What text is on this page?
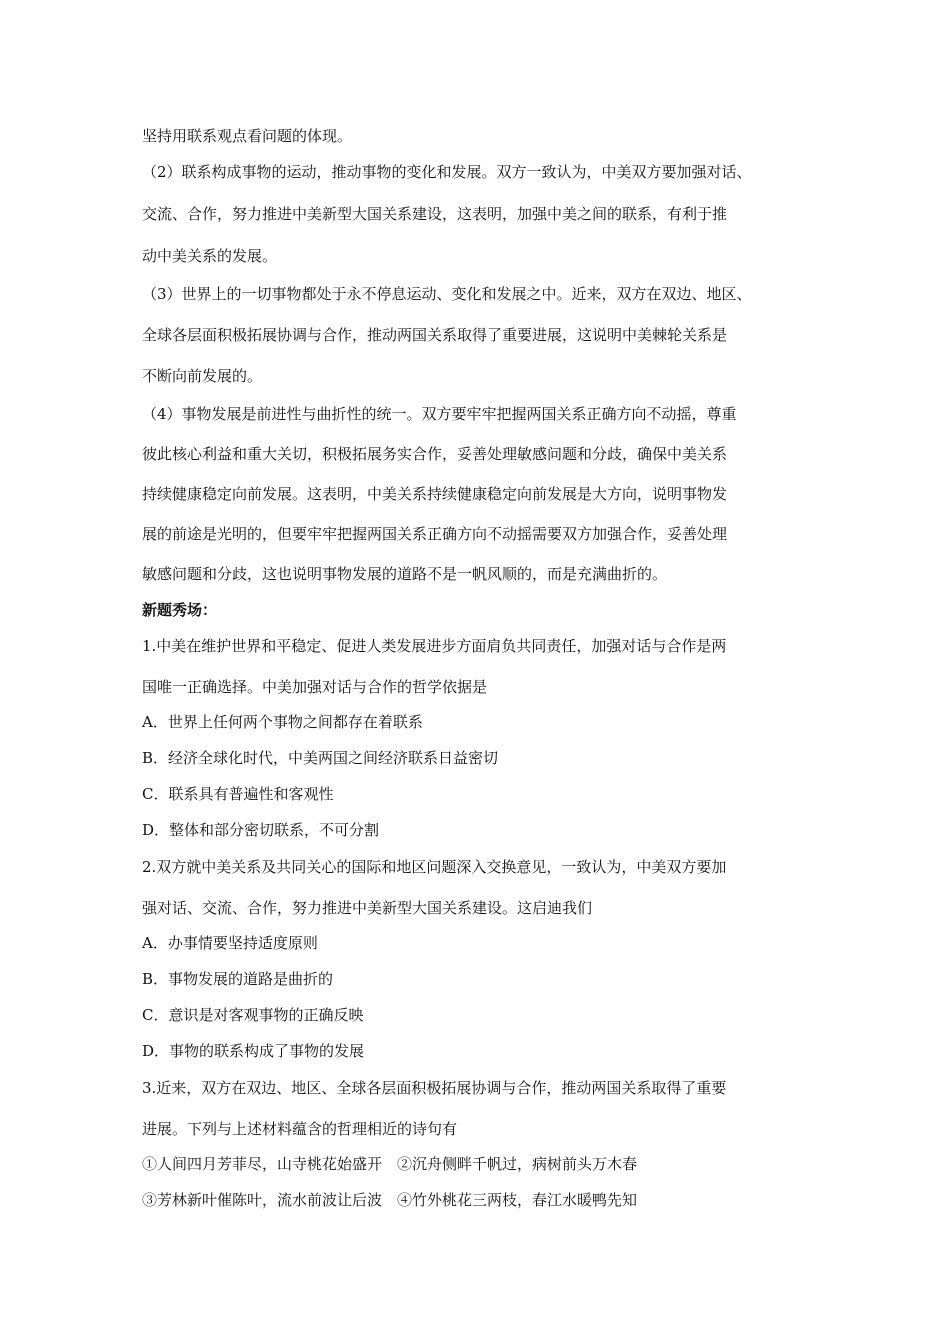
坚持用联系观点看问题的体现。
（2）联系构成事物的运动，推动事物的变化和发展。双方一致认为，中美双方要加强对话、
交流、合作，努力推进中美新型大国关系建设，这表明，加强中美之间的联系，有利于推
动中美关系的发展。
（3）世界上的一切事物都处于永不停息运动、变化和发展之中。近来，双方在双边、地区、
全球各层面积极拓展协调与合作，推动两国关系取得了重要进展，这说明中美棘轮关系是
不断向前发展的。
（4）事物发展是前进性与曲折性的统一。双方要牢牢把握两国关系正确方向不动摇，尊重
彼此核心利益和重大关切，积极拓展务实合作，妥善处理敏感问题和分歧，确保中美关系
持续健康稳定向前发展。这表明，中美关系持续健康稳定向前发展是大方向，说明事物发
展的前途是光明的，但要牢牢把握两国关系正确方向不动摇需要双方加强合作，妥善处理
敏感问题和分歧，这也说明事物发展的道路不是一帆风顺的，而是充满曲折的。
新题秀场：
1.中美在维护世界和平稳定、促进人类发展进步方面肩负共同责任，加强对话与合作是两
国唯一正确选择。中美加强对话与合作的哲学依据是
A．世界上任何两个事物之间都存在着联系
B．经济全球化时代，中美两国之间经济联系日益密切
C．联系具有普遍性和客观性
D．整体和部分密切联系，不可分割
2.双方就中美关系及共同关心的国际和地区问题深入交换意见，一致认为，中美双方要加
强对话、交流、合作，努力推进中美新型大国关系建设。这启迪我们
A．办事情要坚持适度原则
B．事物发展的道路是曲折的
C．意识是对客观事物的正确反映
D．事物的联系构成了事物的发展
3.近来，双方在双边、地区、全球各层面积极拓展协调与合作，推动两国关系取得了重要
进展。下列与上述材料蕴含的哲理相近的诗句有
①人间四月芳菲尽，山寺桃花始盛开　②沉舟侧畔千帆过，病树前头万木春
③芳林新叶催陈叶，流水前波让后波　④竹外桃花三两枝，春江水暖鸭先知
